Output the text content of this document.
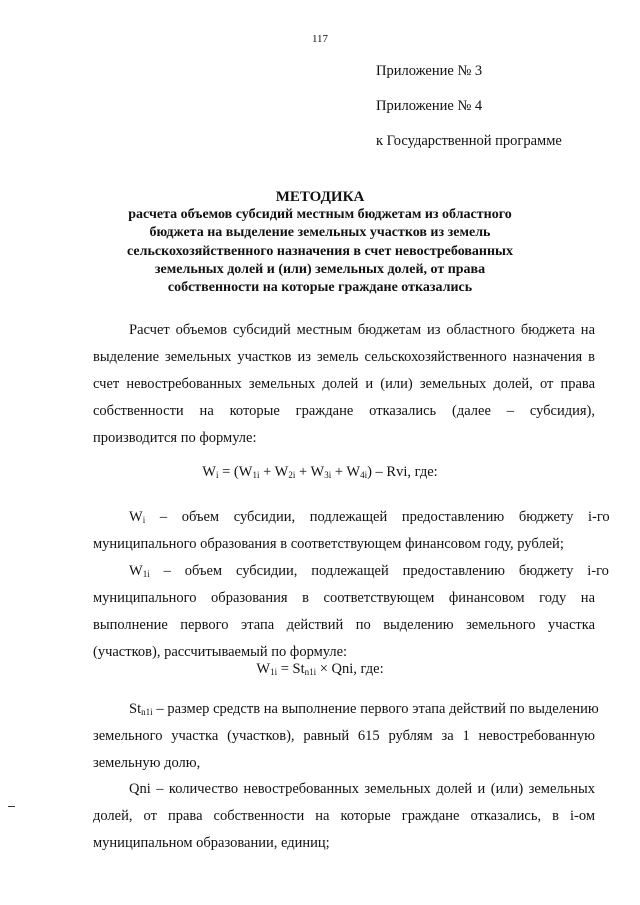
117
Приложение № 3
Приложение № 4
к Государственной программе
МЕТОДИКА
расчета объемов субсидий местным бюджетам из областного
бюджета на выделение земельных участков из земель
сельскохозяйственного назначения в счет невостребованных
земельных долей и (или) земельных долей, от права
собственности на которые граждане отказались
Расчет объемов субсидий местным бюджетам из областного бюджета на
выделение земельных участков из земель сельскохозяйственного назначения в
счет невостребованных земельных долей и (или) земельных долей, от права
собственности на которые граждане отказались (далее – субсидия),
производится по формуле:
$W_i = (W_{1i} + W_{2i} + W_{3i} + W_{4i})$ – Rvi, где:
$W_i$ – объем субсидии, подлежащей предоставлению бюджету i-го
муниципального образования в соответствующем финансовом году, рублей;
$W_{1i}$ – объем субсидии, подлежащей предоставлению бюджету i-го
муниципального образования в соответствующем финансовом году на
выполнение первого этапа действий по выделению земельного участка
(участков), рассчитываемый по формуле:
$W_{1i} = St_{n1i}$ × Qni, где:
$St_{n1i}$ – размер средств на выполнение первого этапа действий по выделению
земельного участка (участков), равный 615 рублям за 1 невостребованную
земельную долю,
Qni – количество невостребованных земельных долей и (или) земельных
долей, от права собственности на которые граждане отказались, в i-ом
муниципальном образовании, единиц;
